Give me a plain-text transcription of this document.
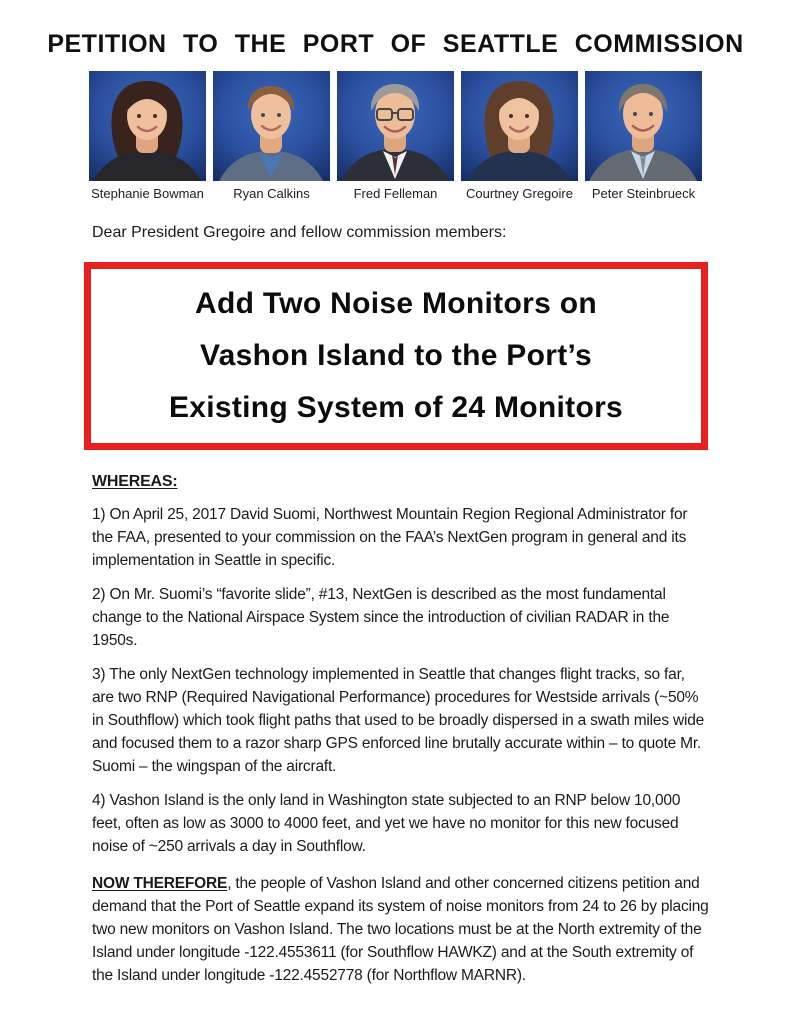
PETITION TO THE PORT OF SEATTLE COMMISSION
Stephanie Bowman	Ryan Calkins	Fred Felleman	Courtney Gregoire	Peter Steinbrueck

Dear President Gregoire and fellow commission members:

Add Two Noise Monitors on
Vashon Island to the Port’s
Existing System of 24 Monitors

WHEREAS:

1) On April 25, 2017 David Suomi, Northwest Mountain Region Regional Administrator for the FAA, presented to your commission on the FAA’s NextGen program in general and its implementation in Seattle in specific.

2) On Mr. Suomi’s “favorite slide”, #13, NextGen is described as the most fundamental change to the National Airspace System since the introduction of civilian RADAR in the 1950s.

3) The only NextGen technology implemented in Seattle that changes flight tracks, so far, are two RNP (Required Navigational Performance) procedures for Westside arrivals (~50% in Southflow) which took flight paths that used to be broadly dispersed in a swath miles wide and focused them to a razor sharp GPS enforced line brutally accurate within – to quote Mr. Suomi – the wingspan of the aircraft.

4) Vashon Island is the only land in Washington state subjected to an RNP below 10,000 feet, often as low as 3000 to 4000 feet, and yet we have no monitor for this new focused noise of ~250 arrivals a day in Southflow.

NOW THEREFORE, the people of Vashon Island and other concerned citizens petition and demand that the Port of Seattle expand its system of noise monitors from 24 to 26 by placing two new monitors on Vashon Island. The two locations must be at the North extremity of the Island under longitude -122.4553611 (for Southflow HAWKZ) and at the South extremity of the Island under longitude -122.4552778 (for Northflow MARNR).
